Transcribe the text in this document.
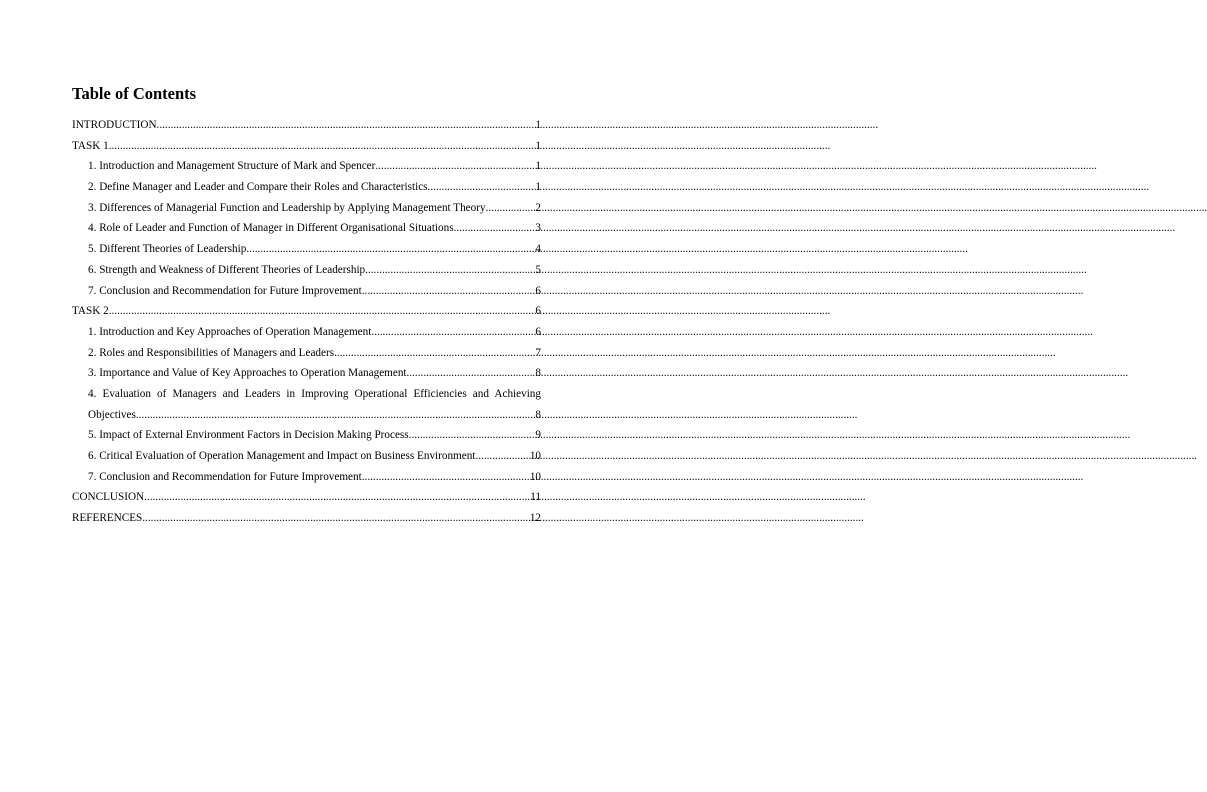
Table of Contents
INTRODUCTION .....	1
TASK 1 .....	1
1. Introduction and Management Structure of Mark and Spencer .....	1
2. Define Manager and Leader and Compare their Roles and Characteristics .....	1
3. Differences of Managerial Function and Leadership by Applying Management Theory .....	2
4. Role of Leader and Function of Manager in Different Organisational Situations .....	3
5. Different Theories of Leadership .....	4
6. Strength and Weakness of Different Theories of Leadership .....	5
7. Conclusion and Recommendation for Future Improvement .....	6
TASK 2 .....	6
1. Introduction and Key Approaches of Operation Management .....	6
2. Roles and Responsibilities of Managers and Leaders .....	7
3. Importance and Value of Key Approaches to Operation Management .....	8
4. Evaluation of Managers and Leaders in Improving Operational Efficiencies and Achieving
Objectives .....	8
5. Impact of External Environment Factors in Decision Making Process .....	9
6. Critical Evaluation of Operation Management and Impact on Business Environment .....	10
7. Conclusion and Recommendation for Future Improvement .....	10
CONCLUSION .....	11
REFERENCES .....	12
